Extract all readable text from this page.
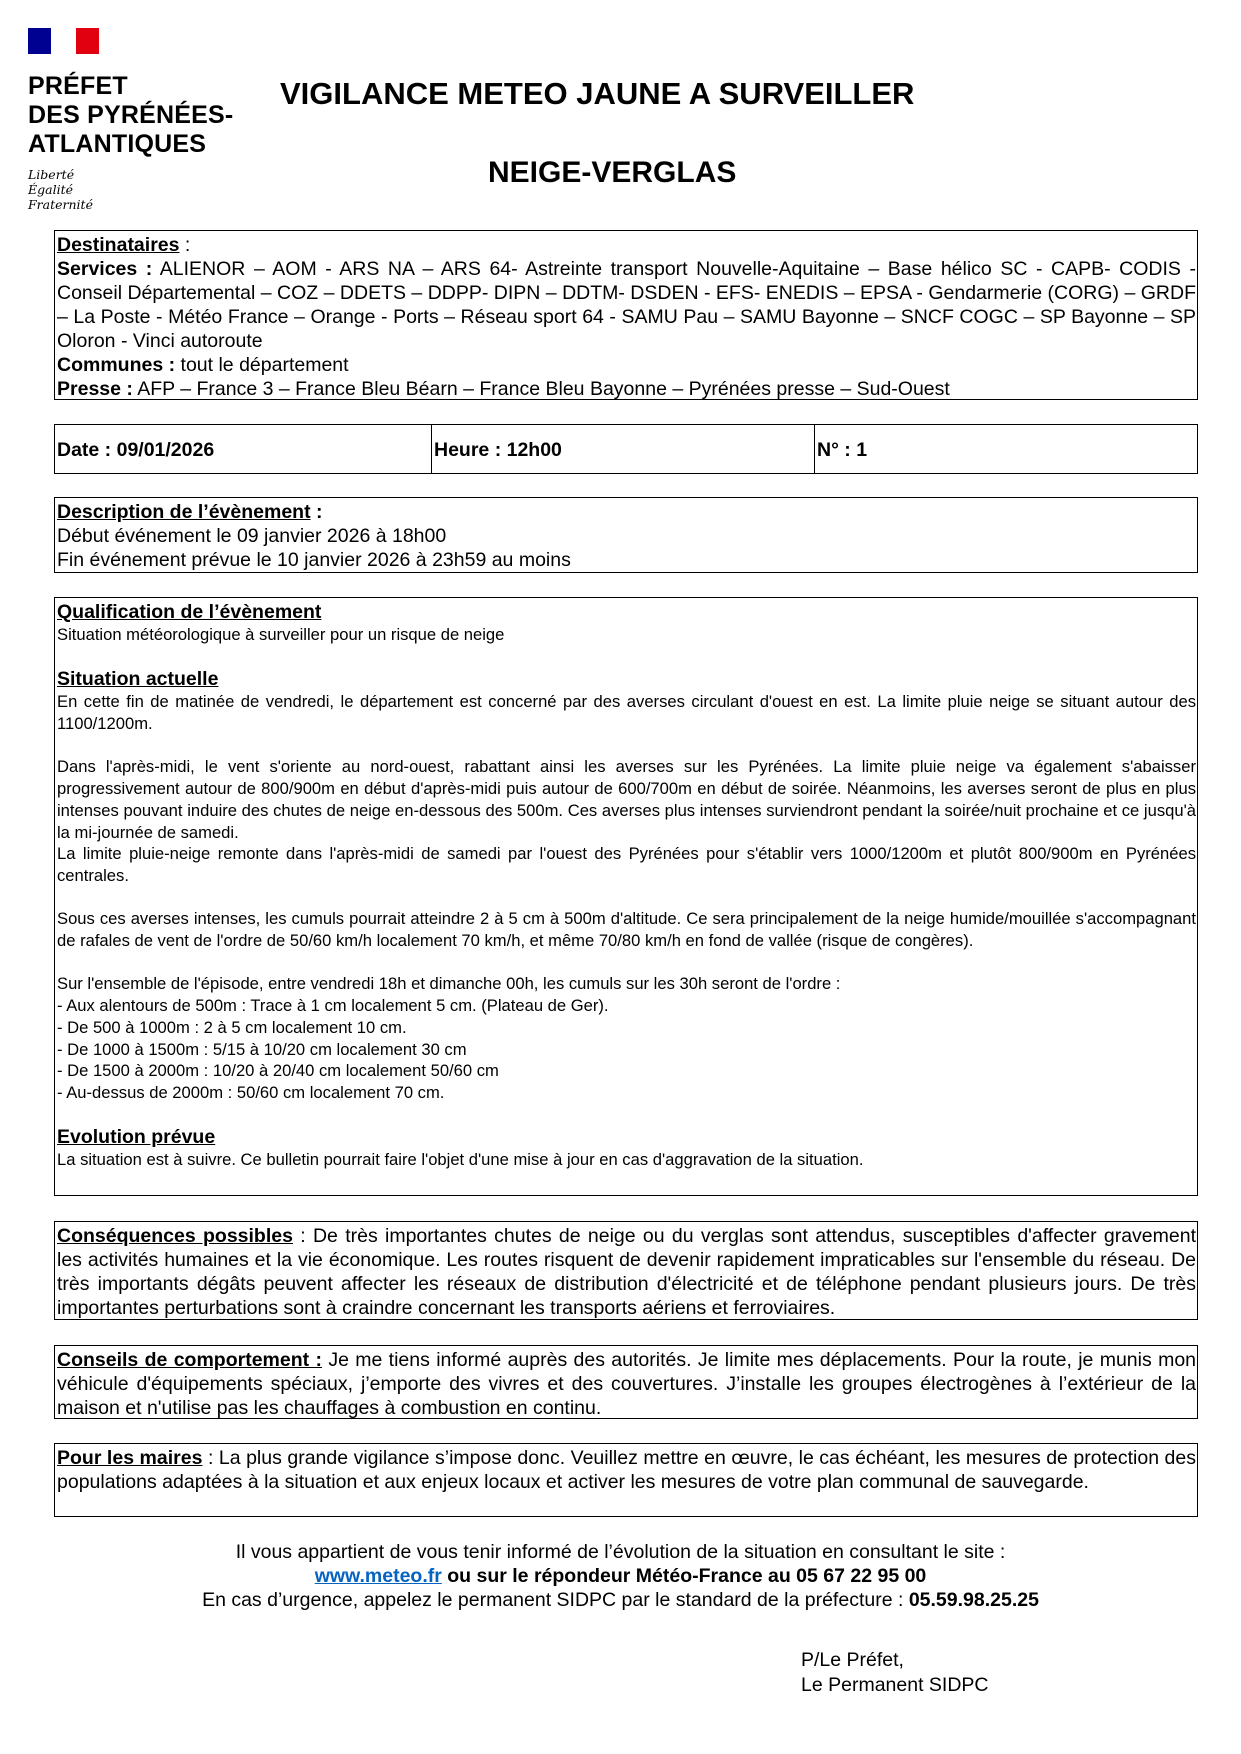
PRÉFET
DES PYRÉNÉES-
ATLANTIQUES
Liberté
Égalité
Fraternité
VIGILANCE METEO JAUNE A SURVEILLER
NEIGE-VERGLAS
Destinataires :
Services : ALIENOR – AOM - ARS NA – ARS 64- Astreinte transport Nouvelle-Aquitaine – Base hélico SC - CAPB- CODIS - Conseil Départemental – COZ – DDETS – DDPP- DIPN – DDTM- DSDEN - EFS- ENEDIS – EPSA - Gendarmerie (CORG) – GRDF – La Poste - Météo France – Orange - Ports – Réseau sport 64 - SAMU Pau – SAMU Bayonne – SNCF COGC – SP Bayonne – SP Oloron - Vinci autoroute
Communes : tout le département
Presse : AFP – France 3 – France Bleu Béarn – France Bleu Bayonne – Pyrénées presse – Sud-Ouest
Date : 09/01/2026	Heure : 12h00	N° : 1
Description de l’évènement :
Début événement le 09 janvier 2026 à 18h00
Fin événement prévue le 10 janvier 2026 à 23h59 au moins
Qualification de l’évènement
Situation météorologique à surveiller pour un risque de neige
Situation actuelle
En cette fin de matinée de vendredi, le département est concerné par des averses circulant d'ouest en est. La limite pluie neige se situant autour des 1100/1200m.
Dans l'après-midi, le vent s'oriente au nord-ouest, rabattant ainsi les averses sur les Pyrénées. La limite pluie neige va également s'abaisser progressivement autour de 800/900m en début d'après-midi puis autour de 600/700m en début de soirée. Néanmoins, les averses seront de plus en plus intenses pouvant induire des chutes de neige en-dessous des 500m. Ces averses plus intenses surviendront pendant la soirée/nuit prochaine et ce jusqu'à la mi-journée de samedi.
La limite pluie-neige remonte dans l'après-midi de samedi par l'ouest des Pyrénées pour s'établir vers 1000/1200m et plutôt 800/900m en Pyrénées centrales.
Sous ces averses intenses, les cumuls pourrait atteindre 2 à 5 cm à 500m d'altitude. Ce sera principalement de la neige humide/mouillée s'accompagnant de rafales de vent de l'ordre de 50/60 km/h localement 70 km/h, et même 70/80 km/h en fond de vallée (risque de congères).
Sur l'ensemble de l'épisode, entre vendredi 18h et dimanche 00h, les cumuls sur les 30h seront de l'ordre :
- Aux alentours de 500m : Trace à 1 cm localement 5 cm. (Plateau de Ger).
- De 500 à 1000m : 2 à 5 cm localement 10 cm.
- De 1000 à 1500m : 5/15 à 10/20 cm localement 30 cm
- De 1500 à 2000m : 10/20 à 20/40 cm localement 50/60 cm
- Au-dessus de 2000m : 50/60 cm localement 70 cm.
Evolution prévue
La situation est à suivre. Ce bulletin pourrait faire l'objet d'une mise à jour en cas d'aggravation de la situation.
Conséquences possibles : De très importantes chutes de neige ou du verglas sont attendus, susceptibles d'affecter gravement les activités humaines et la vie économique. Les routes risquent de devenir rapidement impraticables sur l'ensemble du réseau. De très importants dégâts peuvent affecter les réseaux de distribution d'électricité et de téléphone pendant plusieurs jours. De très importantes perturbations sont à craindre concernant les transports aériens et ferroviaires.
Conseils de comportement : Je me tiens informé auprès des autorités. Je limite mes déplacements. Pour la route, je munis mon véhicule d'équipements spéciaux, j’emporte des vivres et des couvertures. J’installe les groupes électrogènes à l’extérieur de la maison et n'utilise pas les chauffages à combustion en continu.
Pour les maires : La plus grande vigilance s’impose donc. Veuillez mettre en œuvre, le cas échéant, les mesures de protection des populations adaptées à la situation et aux enjeux locaux et activer les mesures de votre plan communal de sauvegarde.
Il vous appartient de vous tenir informé de l’évolution de la situation en consultant le site :
www.meteo.fr ou sur le répondeur Météo-France au 05 67 22 95 00
En cas d’urgence, appelez le permanent SIDPC par le standard de la préfecture : 05.59.98.25.25
P/Le Préfet,
Le Permanent SIDPC
